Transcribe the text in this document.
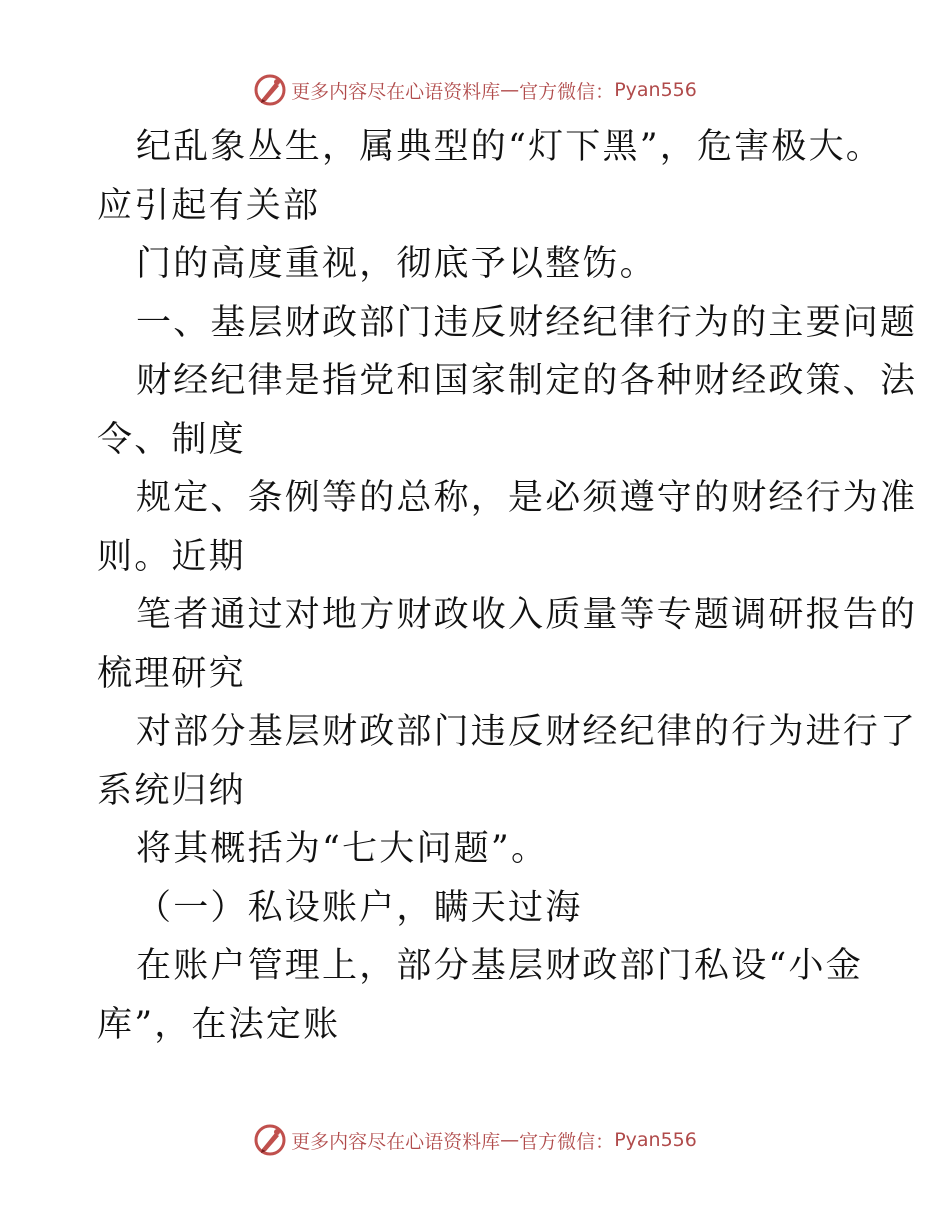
更多内容尽在心语资料库 — 官方微信： Pyan556
纪乱象丛生，属典型的“灯下黑”，危害极大。
应引起有关部
门的高度重视，彻底予以整饬。
一、基层财政部门违反财经纪律行为的主要问题
财经纪律是指党和国家制定的各种财经政策、法
令、制度
规定、条例等的总称，是必须遵守的财经行为准
则。近期
笔者通过对地方财政收入质量等专题调研报告的
梳理研究
对部分基层财政部门违反财经纪律的行为进行了
系统归纳
将其概括为“七大问题”。
（一）私设账户，瞒天过海
在账户管理上，部分基层财政部门私设“小金
库”，在法定账
更多内容尽在心语资料库 — 官方微信： Pyan556
